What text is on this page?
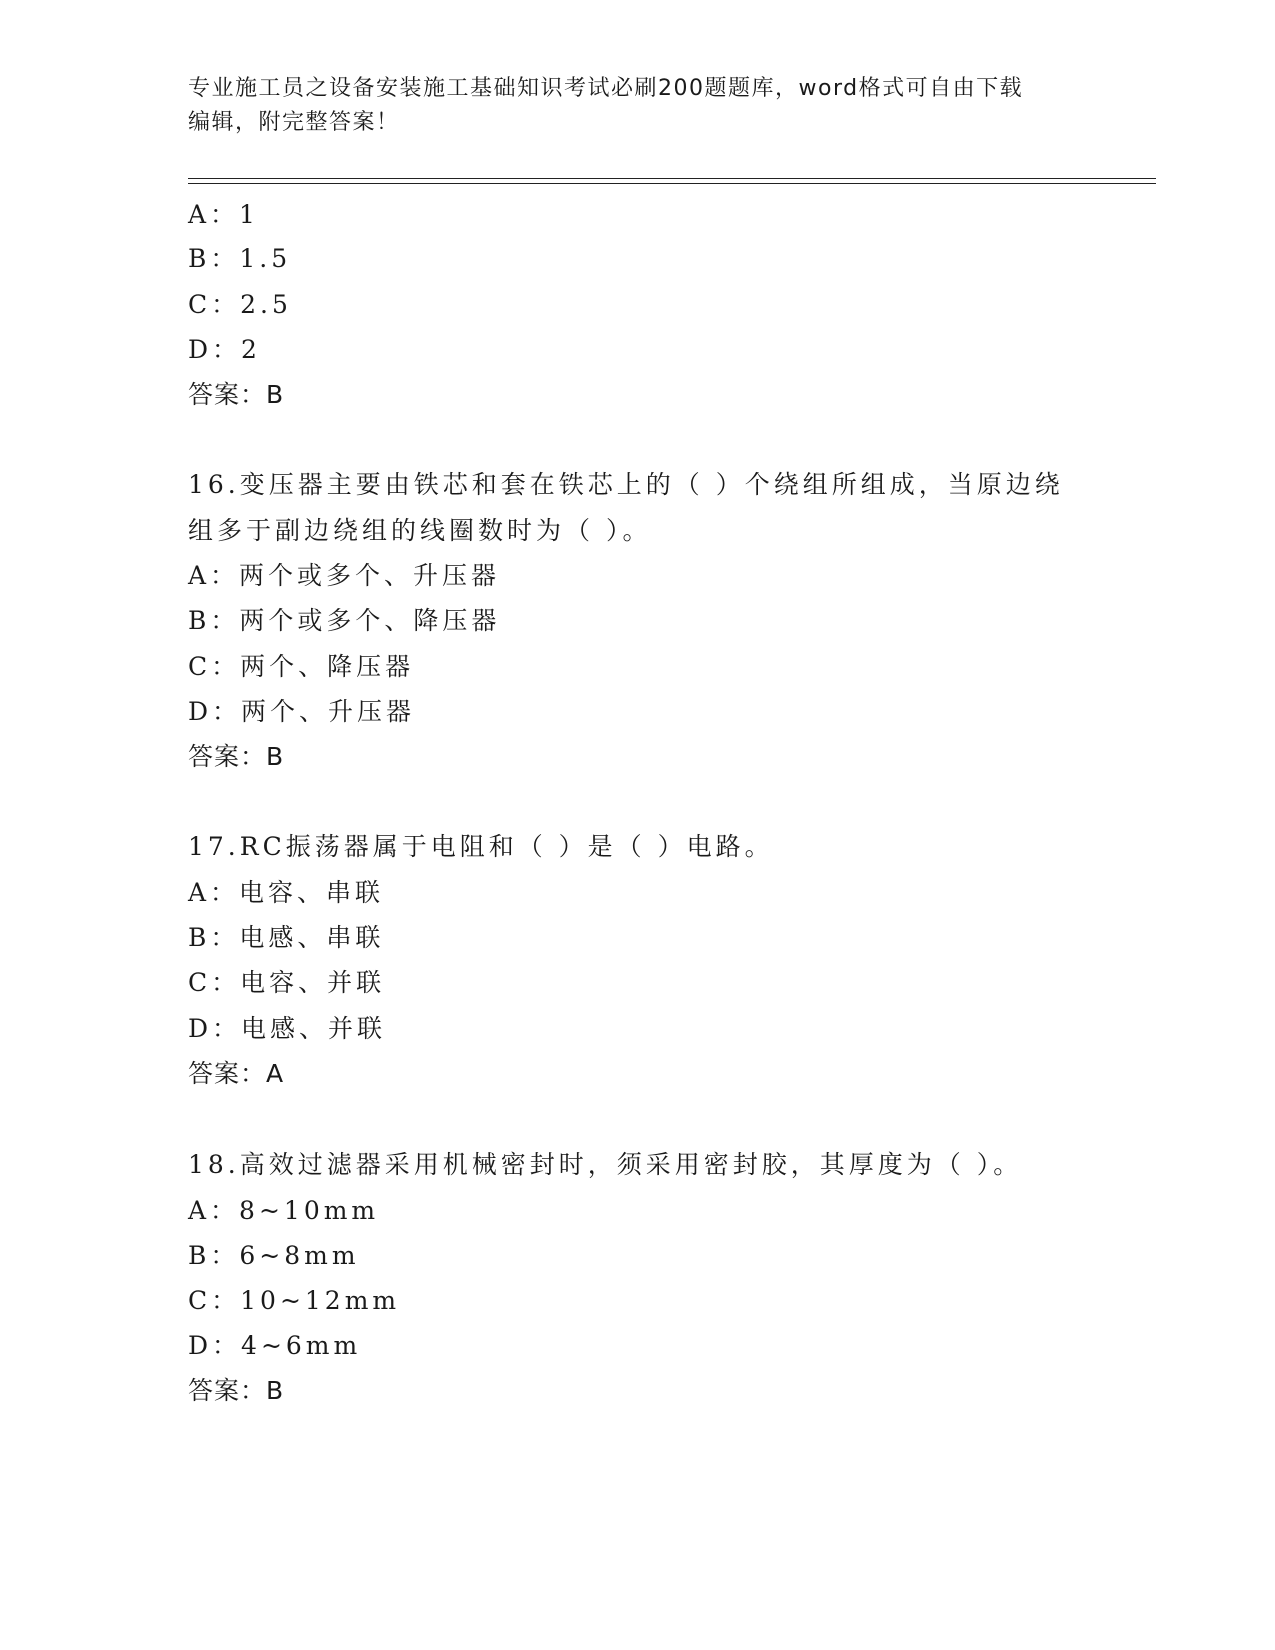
专业施工员之设备安装施工基础知识考试必刷200题题库，word格式可自由下载
编辑，附完整答案！
A：1
B：1.5
C：2.5
D：2
答案：B
16.变压器主要由铁芯和套在铁芯上的（ ）个绕组所组成，当原边绕
组多于副边绕组的线圈数时为（ ）。
A：两个或多个、升压器
B：两个或多个、降压器
C：两个、降压器
D：两个、升压器
答案：B
17.RC振荡器属于电阻和（ ）是（ ）电路。
A：电容、串联
B：电感、串联
C：电容、并联
D：电感、并联
答案：A
18.高效过滤器采用机械密封时，须采用密封胶，其厚度为（ ）。
A：8~10mm
B：6~8mm
C：10~12mm
D：4~6mm
答案：B
